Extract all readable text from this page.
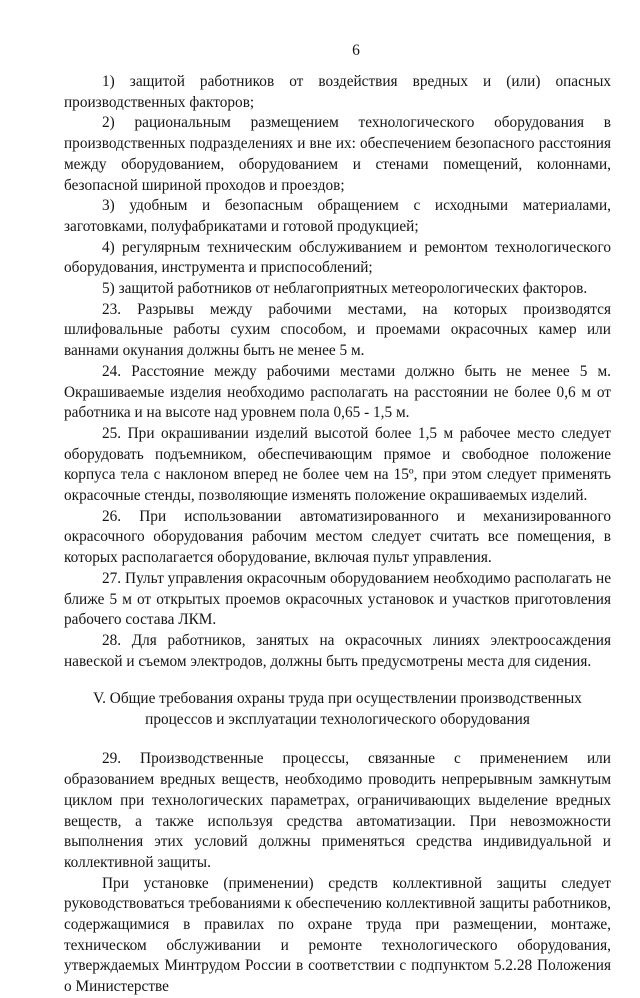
6

1) защитой работников от воздействия вредных и (или) опасных производственных факторов;

2) рациональным размещением технологического оборудования в производственных подразделениях и вне их: обеспечением безопасного расстояния между оборудованием, оборудованием и стенами помещений, колоннами, безопасной шириной проходов и проездов;

3) удобным и безопасным обращением с исходными материалами, заготовками, полуфабрикатами и готовой продукцией;

4) регулярным техническим обслуживанием и ремонтом технологического оборудования, инструмента и приспособлений;

5) защитой работников от неблагоприятных метеорологических факторов.

23. Разрывы между рабочими местами, на которых производятся шлифовальные работы сухим способом, и проемами окрасочных камер или ваннами окунания должны быть не менее 5 м.

24. Расстояние между рабочими местами должно быть не менее 5 м. Окрашиваемые изделия необходимо располагать на расстоянии не более 0,6 м от работника и на высоте над уровнем пола 0,65 - 1,5 м.

25. При окрашивании изделий высотой более 1,5 м рабочее место следует оборудовать подъемником, обеспечивающим прямое и свободное положение корпуса тела с наклоном вперед не более чем на 15º, при этом следует применять окрасочные стенды, позволяющие изменять положение окрашиваемых изделий.

26. При использовании автоматизированного и механизированного окрасочного оборудования рабочим местом следует считать все помещения, в которых располагается оборудование, включая пульт управления.

27. Пульт управления окрасочным оборудованием необходимо располагать не ближе 5 м от открытых проемов окрасочных установок и участков приготовления рабочего состава ЛКМ.

28. Для работников, занятых на окрасочных линиях электроосаждения навеской и съемом электродов, должны быть предусмотрены места для сидения.

V. Общие требования охраны труда при осуществлении производственных
процессов и эксплуатации технологического оборудования

29. Производственные процессы, связанные с применением или образованием вредных веществ, необходимо проводить непрерывным замкнутым циклом при технологических параметрах, ограничивающих выделение вредных веществ, а также используя средства автоматизации. При невозможности выполнения этих условий должны применяться средства индивидуальной и коллективной защиты.

При установке (применении) средств коллективной защиты следует руководствоваться требованиями к обеспечению коллективной защиты работников, содержащимися в правилах по охране труда при размещении, монтаже, техническом обслуживании и ремонте технологического оборудования, утверждаемых Минтрудом России в соответствии с подпунктом 5.2.28 Положения о Министерстве
